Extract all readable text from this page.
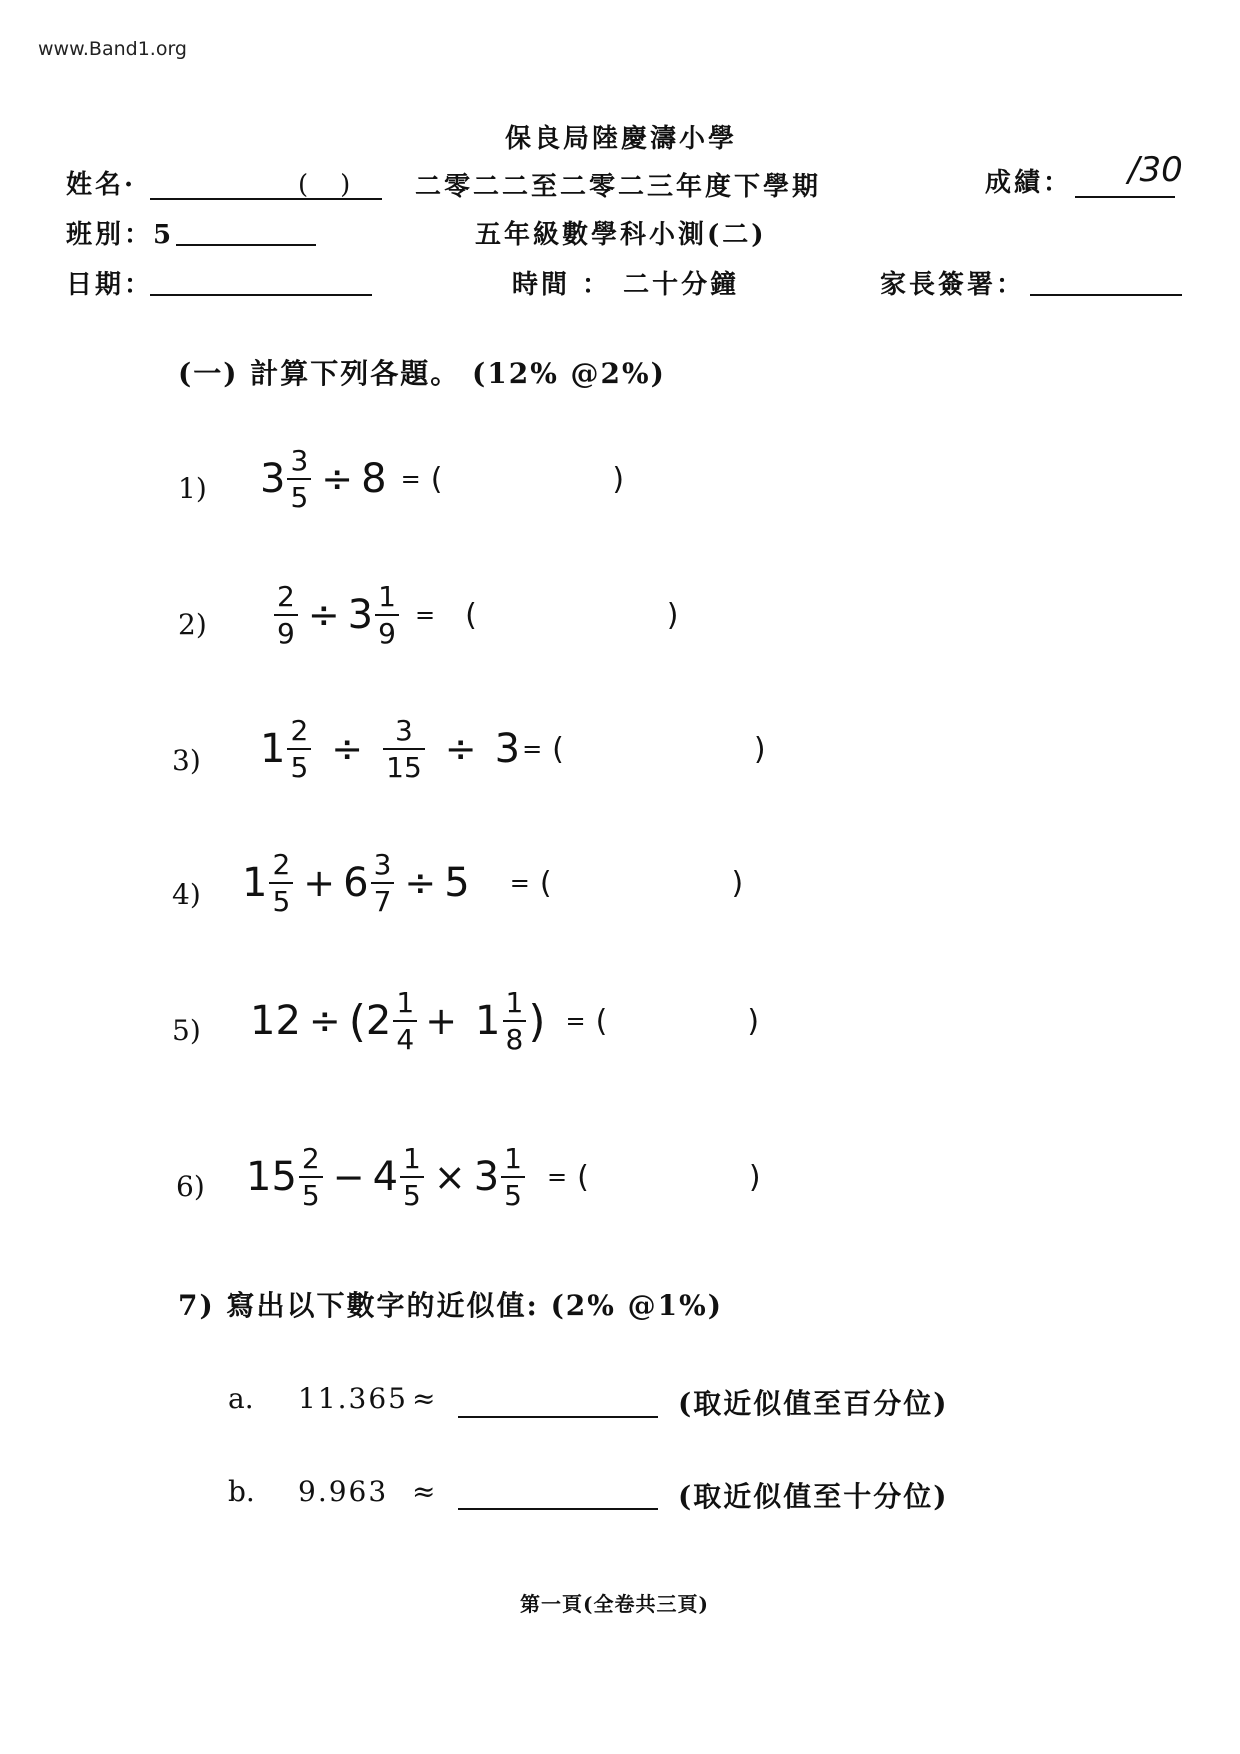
www.Band1.org
保良局陸慶濤小學
姓名·	(　) 二零二二至二零二三年度下學期	成績： /30
班別：5	五年級數學科小測(二)
日期：	時間 ： 二十分鐘	家長簽署：
(一) 計算下列各題。 (12% @2%)
1) $3 \frac{3}{5} \div 8$ = (	)
$2) \frac{2}{9} \div 3 \frac{1}{9}$ = (	)
3) $1 \frac{2}{5} \div \frac{3}{15} \div 3$ = (	)
4) $1 \frac{2}{5} + 6 \frac{3}{7} \div 5$ = (	)
5) 12 ÷ ( $2 \frac{1}{4} + 1 \frac{1}{8}$ ) = (	)
6) $15 \frac{2}{5} - 4 \frac{1}{5} \times 3 \frac{1}{5}$ = (	)
7) 寫出以下數字的近似值: (2% @1%)
a. 11.365 ≈	(取近似值至百分位)
b. 9.963 ≈	(取近似值至十分位)
第一頁(全卷共三頁)
